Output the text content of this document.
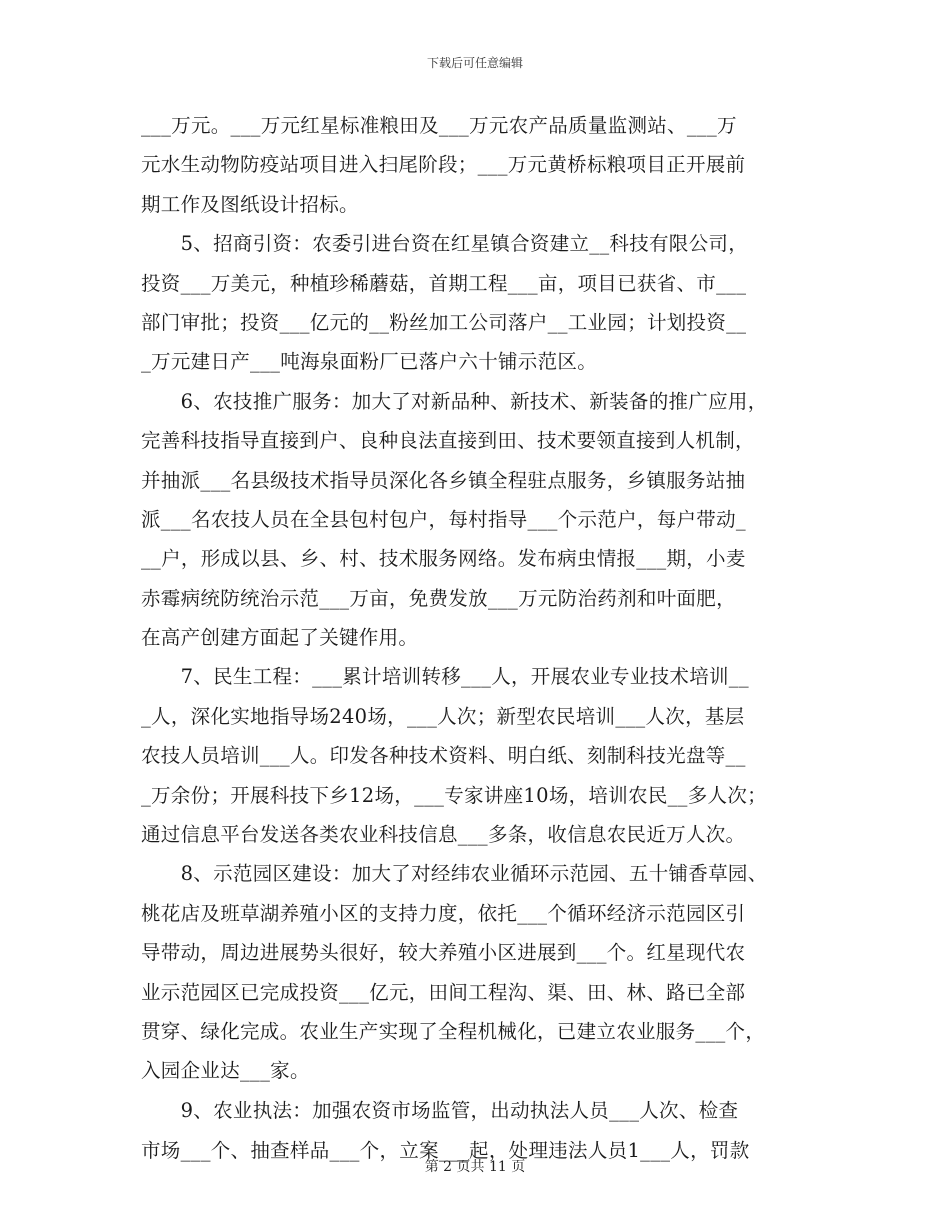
下载后可任意编辑
___万元。___万元红星标准粮田及___万元农产品质量监测站、___万
元水生动物防疫站项目进入扫尾阶段；___万元黄桥标粮项目正开展前
期工作及图纸设计招标。
　　5、招商引资：农委引进台资在红星镇合资建立__科技有限公司，
投资___万美元，种植珍稀蘑菇，首期工程___亩，项目已获省、市___
部门审批；投资___亿元的__粉丝加工公司落户__工业园；计划投资__
_万元建日产___吨海泉面粉厂已落户六十铺示范区。
　　6、农技推广服务：加大了对新品种、新技术、新装备的推广应用，
完善科技指导直接到户、良种良法直接到田、技术要领直接到人机制，
并抽派___名县级技术指导员深化各乡镇全程驻点服务，乡镇服务站抽
派___名农技人员在全县包村包户，每村指导___个示范户，每户带动_
__户，形成以县、乡、村、技术服务网络。发布病虫情报___期，小麦
赤霉病统防统治示范___万亩，免费发放___万元防治药剂和叶面肥，
在高产创建方面起了关键作用。
　　7、民生工程：___累计培训转移___人，开展农业专业技术培训__
_人，深化实地指导场240场，___人次；新型农民培训___人次，基层
农技人员培训___人。印发各种技术资料、明白纸、刻制科技光盘等__
_万余份；开展科技下乡12场，___专家讲座10场，培训农民__多人次；
通过信息平台发送各类农业科技信息___多条，收信息农民近万人次。
　　8、示范园区建设：加大了对经纬农业循环示范园、五十铺香草园、
桃花店及班草湖养殖小区的支持力度，依托___个循环经济示范园区引
导带动，周边进展势头很好，较大养殖小区进展到___个。红星现代农
业示范园区已完成投资___亿元，田间工程沟、渠、田、林、路已全部
贯穿、绿化完成。农业生产实现了全程机械化，已建立农业服务___个，
入园企业达___家。
　　9、农业执法：加强农资市场监管，出动执法人员___人次、检查
市场___个、抽查样品___个，立案___起，处理违法人员1___人，罚款
第 2 页共 11 页
